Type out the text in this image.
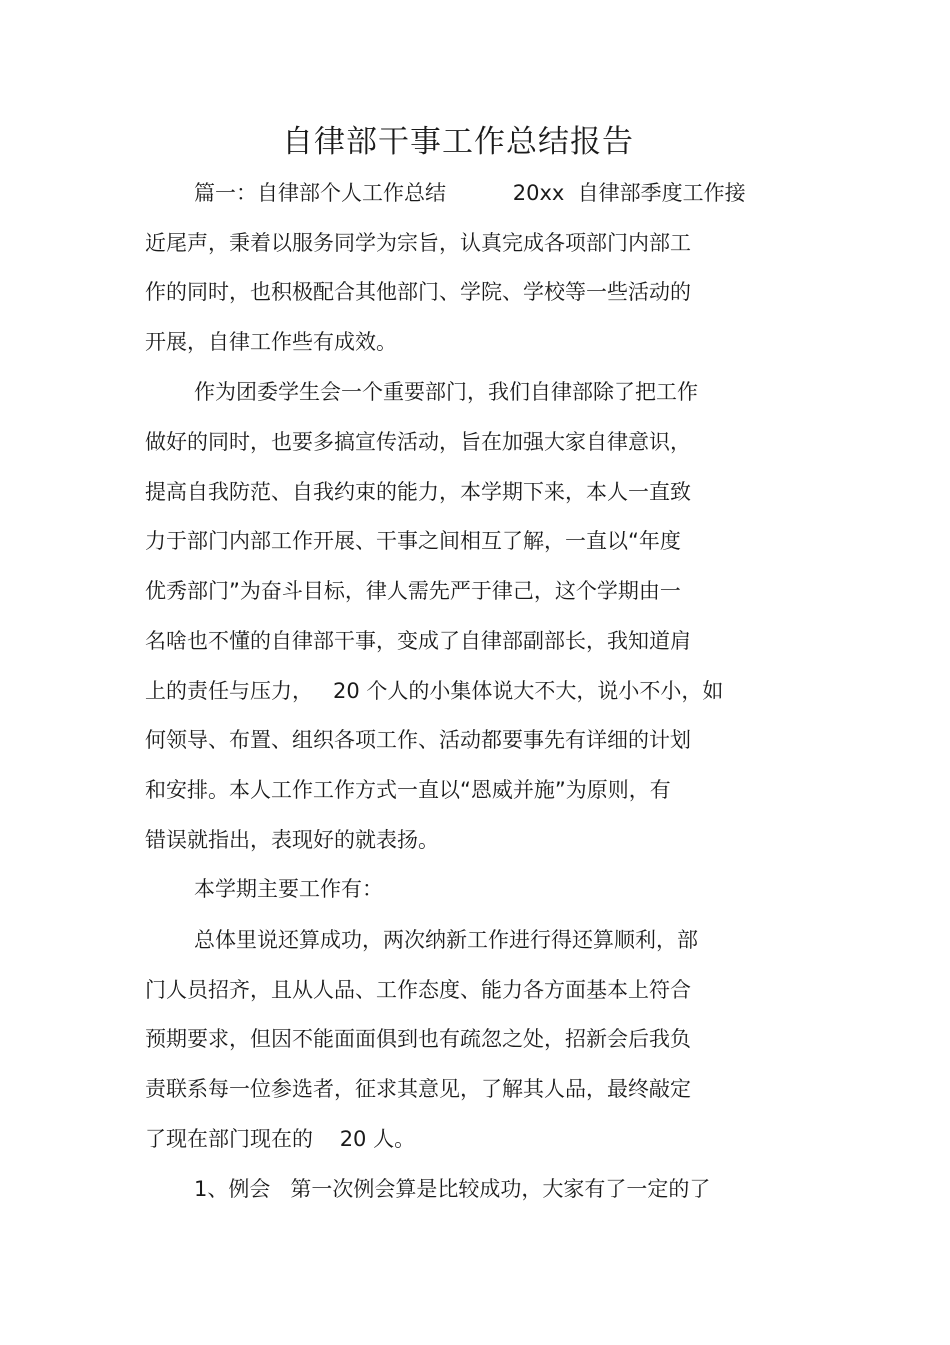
自律部干事工作总结报告

篇一：自律部个人工作总结          20xx  自律部季度工作接

近尾声，秉着以服务同学为宗旨，认真完成各项部门内部工

作的同时，也积极配合其他部门、学院、学校等一些活动的

开展，自律工作些有成效。

作为团委学生会一个重要部门，我们自律部除了把工作

做好的同时，也要多搞宣传活动，旨在加强大家自律意识，

提高自我防范、自我约束的能力，本学期下来，本人一直致

力于部门内部工作开展、干事之间相互了解，一直以“年度

优秀部门”为奋斗目标，律人需先严于律己，这个学期由一

名啥也不懂的自律部干事，变成了自律部副部长，我知道肩

上的责任与压力，   20 个人的小集体说大不大，说小不小，如

何领导、布置、组织各项工作、活动都要事先有详细的计划

和安排。本人工作工作方式一直以“恩威并施”为原则，有

错误就指出，表现好的就表扬。

本学期主要工作有：

总体里说还算成功，两次纳新工作进行得还算顺利，部

门人员招齐，且从人品、工作态度、能力各方面基本上符合

预期要求，但因不能面面俱到也有疏忽之处，招新会后我负

责联系每一位参选者，征求其意见，了解其人品，最终敲定

了现在部门现在的    20 人。

1、例会   第一次例会算是比较成功，大家有了一定的了
